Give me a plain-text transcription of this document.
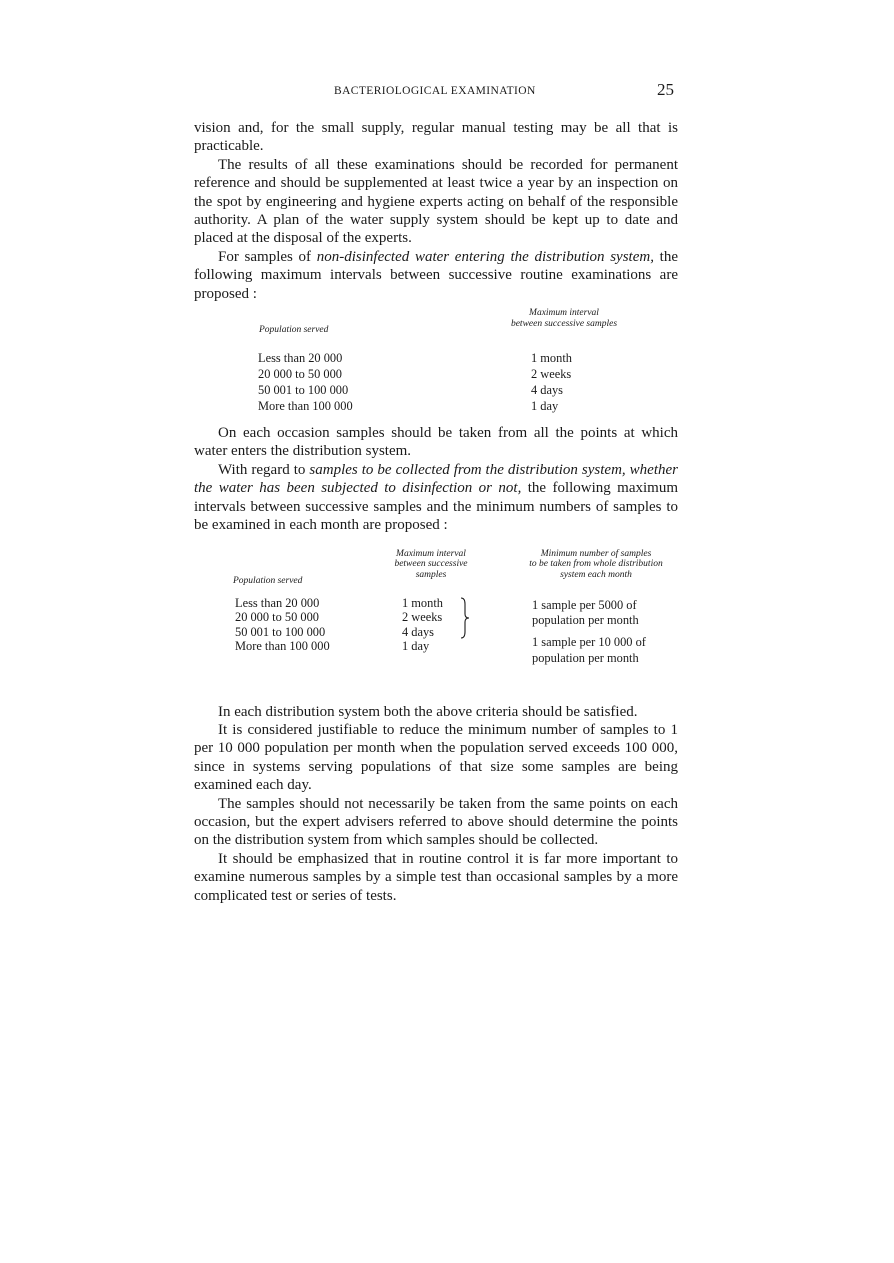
BACTERIOLOGICAL EXAMINATION	25

vision and, for the small supply, regular manual testing may be all that is practicable.

The results of all these examinations should be recorded for permanent reference and should be supplemented at least twice a year by an inspection on the spot by engineering and hygiene experts acting on behalf of the responsible authority. A plan of the water supply system should be kept up to date and placed at the disposal of the experts.

For samples of non-disinfected water entering the distribution system, the following maximum intervals between successive routine examinations are proposed :

Population served
Maximum interval
between successive samples
Less than 20 000
20 000 to 50 000
50 001 to 100 000
More than 100 000
1 month
2 weeks
4 days
1 day

On each occasion samples should be taken from all the points at which water enters the distribution system.

With regard to samples to be collected from the distribution system, whether the water has been subjected to disinfection or not, the following maximum intervals between successive samples and the minimum numbers of samples to be examined in each month are proposed :

Population served
Maximum interval
between successive
samples
Minimum number of samples
to be taken from whole distribution
system each month
Less than 20 000
20 000 to 50 000
50 001 to 100 000
More than 100 000
1 month
2 weeks
4 days
1 day
1 sample per 5000 of
population per month
1 sample per 10 000 of
population per month

In each distribution system both the above criteria should be satisfied.

It is considered justifiable to reduce the minimum number of samples to 1 per 10 000 population per month when the population served exceeds 100 000, since in systems serving populations of that size some samples are being examined each day.

The samples should not necessarily be taken from the same points on each occasion, but the expert advisers referred to above should determine the points on the distribution system from which samples should be collected.

It should be emphasized that in routine control it is far more important to examine numerous samples by a simple test than occasional samples by a more complicated test or series of tests.
